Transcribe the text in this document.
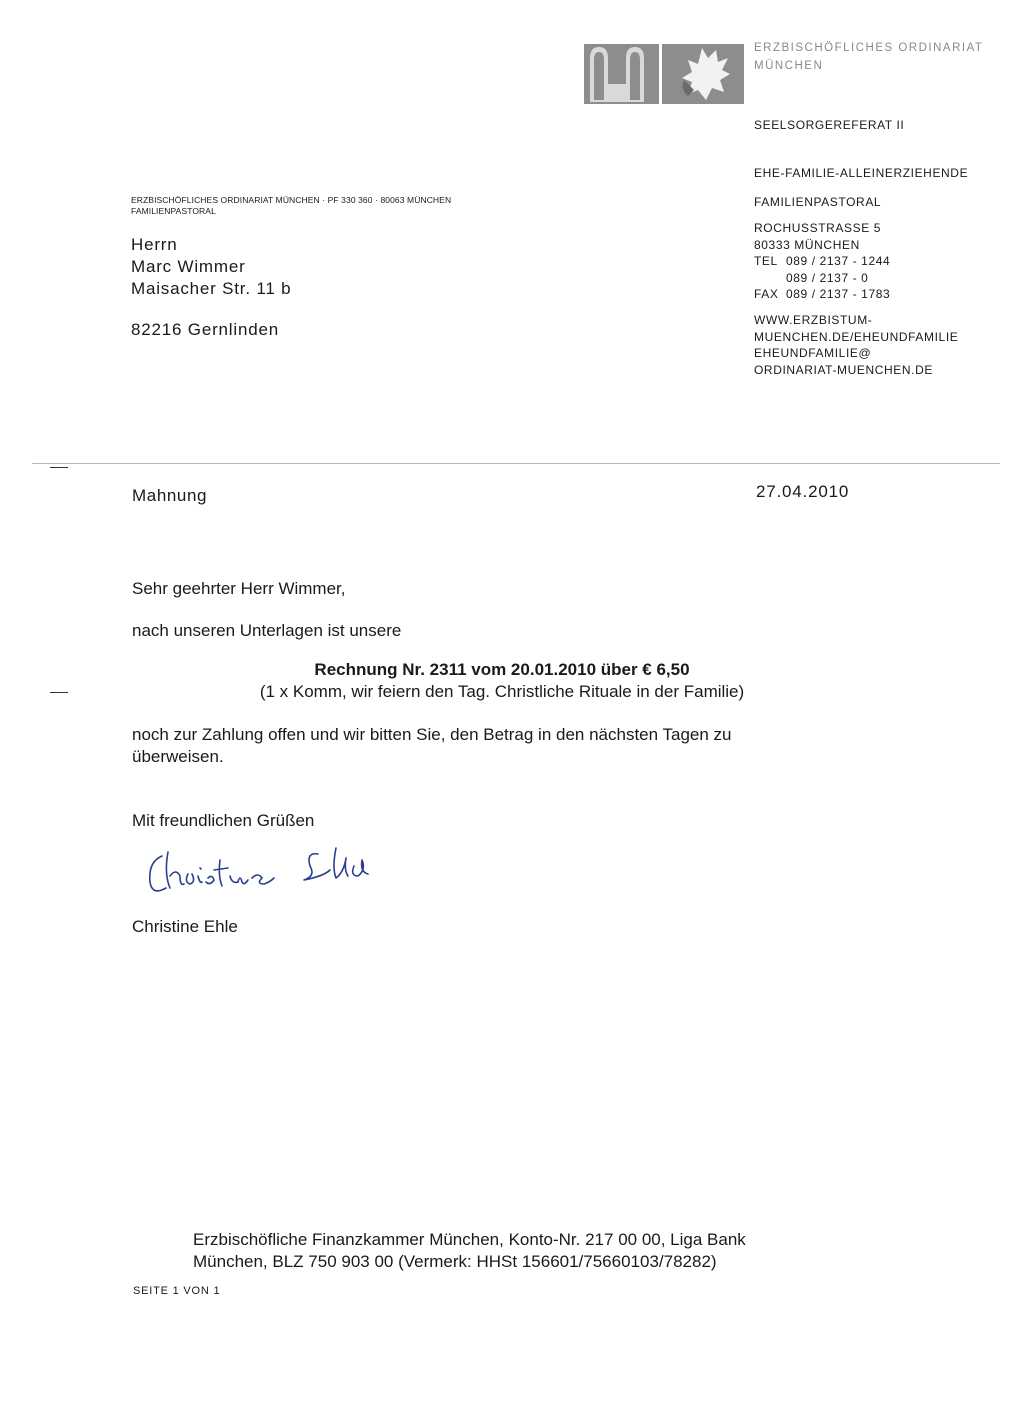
ERZBISCHÖFLICHES ORDINARIAT
MÜNCHEN
SEELSORGEREFERAT II
EHE-FAMILIE-ALLEINERZIEHENDE
FAMILIENPASTORAL
ROCHUSSTRASSE 5
80333 MÜNCHEN
TEL 089 / 2137 - 1244
089 / 2137 - 0
FAX 089 / 2137 - 1783
WWW.ERZBISTUM-
MUENCHEN.DE/EHEUNDFAMILIE
EHEUNDFAMILIE@
ORDINARIAT-MUENCHEN.DE
ERZBISCHÖFLICHES ORDINARIAT MÜNCHEN · PF 330 360 · 80063 MÜNCHEN
FAMILIENPASTORAL
Herrn
Marc Wimmer
Maisacher Str. 11 b
82216 Gernlinden
Mahnung	27.04.2010
Sehr geehrter Herr Wimmer,
nach unseren Unterlagen ist unsere
Rechnung Nr. 2311 vom 20.01.2010 über € 6,50
(1 x Komm, wir feiern den Tag. Christliche Rituale in der Familie)
noch zur Zahlung offen und wir bitten Sie, den Betrag in den nächsten Tagen zu
überweisen.
Mit freundlichen Grüßen
Christine Ehle
Erzbischöfliche Finanzkammer München, Konto-Nr. 217 00 00, Liga Bank
München, BLZ 750 903 00 (Vermerk: HHSt 156601/75660103/78282)
SEITE 1 VON 1
